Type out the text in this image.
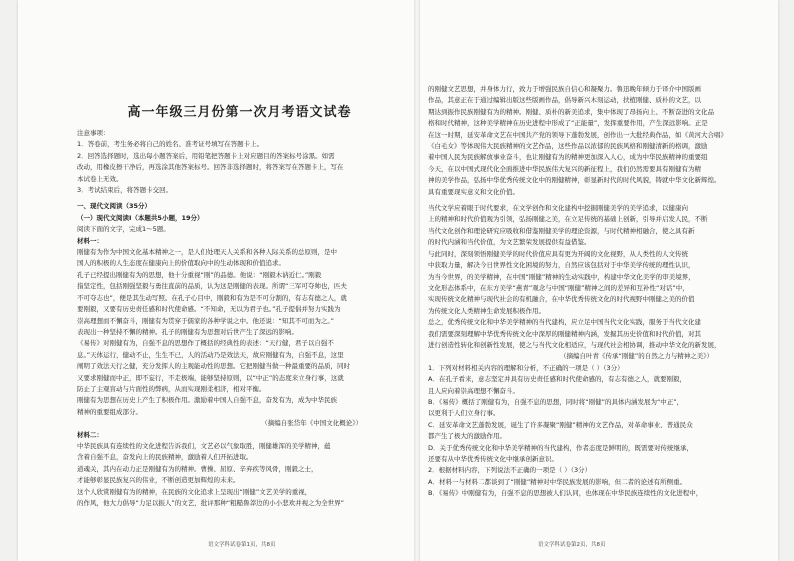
高一年级三月份第一次月考语文试卷
注意事项：
1．答卷前，考生务必将自己的姓名、准考证号填写在答题卡上。
2．回答选择题时，选出每小题答案后，用铅笔把答题卡上对应题目的答案标号涂黑。如需
改动，用橡皮擦干净后，再选涂其他答案标号。回答非选择题时，将答案写在答题卡上，写在
本试卷上无效。
3．考试结束后，将答题卡交回。
一、现代文阅读（35分）
（一）现代文阅读Ⅰ（本题共5小题，19分）
阅读下面的文字，完成1～5题。
材料一：
刚健有为作为中国文化基本精神之一，是人们处理天人关系和各种人际关系的总原则，是中
国人的积极的人生态度在健康向上的价值取向中的生动体现和价值追求。
孔子已经提出刚健有为的思想，他十分重视“刚”的品德。他说：“刚毅木讷近仁。”刚毅
指坚定性，包括刚强坚毅与勇往直前的品质，认为这是刚健的表现。所谓“三军可夺帅也，匹夫
不可夺志也”，便是其生动写照。在孔子心目中，刚毅和有为是不可分割的，有志有德之人，就
要刚毅，又要有历史责任感和时代使命感。“不知命，无以为君子也。”孔子提倡并努力实践为
崇高理想而不懈奋斗，刚健有为贯穿于儒家的各种学说之中。他还说：“知其不可而为之。”
表现出一种坚持不懈的精神。孔子的刚健有为思想对后世产生了深远的影响。
《易传》对刚健有为，自强不息的思想作了概括的经典性的表述：“天行健，君子以自强不
息。”天体运行，健动不止，生生不已，人的活动乃是效法天，故应刚健有为，自强不息，这里
阐明了效法天行之健，充分发挥人的主观能动性的思想。它把刚健当做一种最重要的品质，同时
又要求刚健而中正，即不妄行，不走极端，能够坚持原则，以“中正”的态度来立身行事，这就
防止了主观盲动与片面性的弊病，从而实现刚柔相济，相对平衡。
刚健有为思想在历史上产生了积极作用。激励着中国人自强不息，奋发有为，成为中华民族
精神的重要组成部分。
（摘编自张岱年《中国文化概论》）
材料二：
中华民族具有连续性的文化进程告诉我们，文艺必以气象取胜，刚健雄浑的美学精神，蕴
含着自强不息，奋发向上的民族精神，激励着人们开拓进取。
道魂关，其内在动力正是刚健有为的精神。曹操、屈原、辛弃疾等风骨，刚毅之士，
才能够彰显民族复兴的伟业，不断创造更加辉煌的未来。
这个人欣赏刚健有为的精神，在民族的文化追求上呈现出“刚健”文艺美学的重视，
的作风，他大力倡导“力足以振人”的文艺，批评那种“粗糙鲁莽边的小小悲欢并视之为全世界”
的刚健文艺思想，并身体力行，致力于增强民族自信心和凝聚力。鲁迅晚年倾力于译介中国版画
作品，其意正在于通过编辑出版这些版画作品，倡导新兴木刻运动，扶植刚健、质朴的文艺，以
期达到振作民族刚健有为的精神。刚健、质朴的新美追求，集中体现了昂扬向上、不断奋进的文化品
格和时代精神，这种美学精神在历史进程中形成了“正能量”，发挥重要作用，产生深远影响。正是
在这一时期，延安革命文艺在中国共产党的领导下蓬勃发展，创作出一大批经典作品，如《黄河大合唱》
《白毛女》等体现伟大民族精神的文艺作品，这些作品以浓郁的民族风格和刚健清新的格调，激励
着中国人民为民族解放事业奋斗，也让刚健有为的精神更加深入人心，成为中华民族精神的重要组
今天，在以中国式现代化全面推进中华民族伟大复兴的新征程上，我们仍然需要具有刚健有为精
神的美学作品，弘扬中华优秀传统文化中的刚健精神，彰显新时代的时代风貌，铸就中华文化新辉煌。
具有重要现实意义和文化价值。
当代文学应着眼于时代要求，在文学创作和文化建构中挖掘刚健美学的美学追求，以健康向
上的精神和时代价值观为引领，弘扬刚健之美，在立足传统的基础上创新，引导并启发人民，不断
当代文化创作和理论研究应吸收和借鉴刚健美学的理论资源，与时代精神相融合，使之具有新
的时代内涵和当代价值，为文艺繁荣发展提供有益借鉴。
与此同时，深刻领悟刚健美学的时代价值应具有更为开阔的文化视野，从人类性的人文传统
中获取力量，解决今日世界性文化困境的努力，自然应该包括对于中华美学传统的理性认识，
为当今世界，的美学精神，在中国“刚健”精神的生动实践中，构建中华文化美学的审美境界，
文化形态体系中，在东方美学“燕青”观念与中国“刚健”精神之间的差异和互补性“对话”中，
实现传统文化精神与现代社会的有机融合，在中华优秀传统文化的时代视野中刚健之美的价值
为传统文化人类精神生命发展积极作用。
总之，优秀传统文化和中华美学精神的当代建构，应立足中国当代文化实践，服务于当代文化建
我们需要深刻理解中华优秀传统文化中深厚的刚健精神内涵，发掘其历史价值和时代价值，对其
进行创造性转化和创新性发展，使之与当代文化相适应，与现代社会相协调，推动中华文化的新发展，
（摘编自叶青《传承“刚健”的自然之力与精神之美》）
1．下列对材料相关内容的理解和分析，不正确的一项是（ ）（3分）
A．在孔子看来，意志坚定并具有历史责任感和时代使命感的，有志有德之人，就要刚毅，
且人应向着崇高理想不懈奋斗。
B．《易传》概括了刚健有为，自强不息的思想，同时将“刚健”的具体内涵发展为“中正”，
以更利于人们立身行事。
C．延安革命文艺蓬勃发展，诞生了许多凝聚“刚健”精神的文艺作品，对革命事业、普通民众
都产生了极大的激励作用。
D．关于优秀传统文化和中华美学精神的当代建构，作者态度是鲜明的，既需要对传统继承，
还要有从中华优秀传统文化中继承创新意识。
2．根据材料内容，下列说法不正确的一项是（ ）（3分）
A．材料一与材料二都谈到了“刚健”精神对中华民族发展的影响，但二者的论述有所侧重。
B．《易传》中刚健有为，自强不息的思想被人们认同，也体现在中华民族连续性的文化进程中，
语文学科试卷第1页，共8页	语文学科试卷第2页，共8页
